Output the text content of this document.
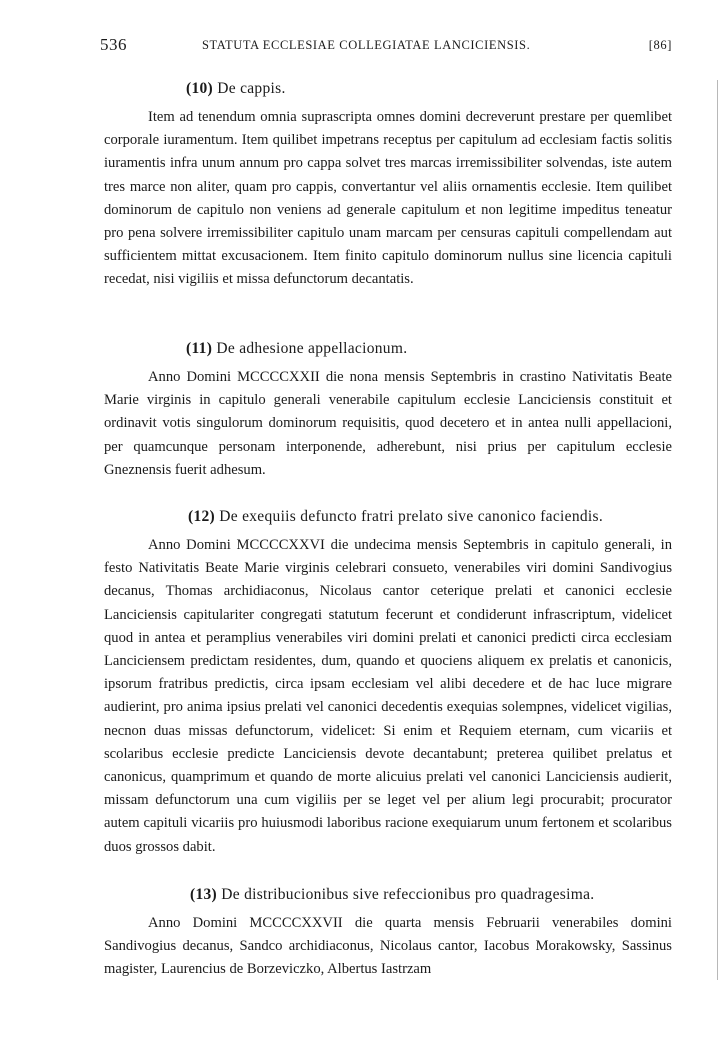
536	STATUTA ECCLESIAE COLLEGIATAE LANCICIENSIS.	[86]
(10) De cappis.

Item ad tenendum omnia suprascripta omnes domini decreverunt prestare per quemlibet corporale iuramentum. Item quilibet impetrans receptus per capitulum ad ecclesiam factis solitis iuramentis infra unum annum pro cappa solvet tres marcas irremissibiliter solvendas, iste autem tres marce non aliter, quam pro cappis, convertantur vel aliis ornamentis ecclesie. Item quilibet dominorum de capitulo non veniens ad generale capitulum et non legitime impeditus teneatur pro pena solvere irremissibiliter capitulo unam marcam per censuras capituli compellendam aut sufficientem mittat excusacionem. Item finito capitulo dominorum nullus sine licencia capituli recedat, nisi vigiliis et missa defunctorum decantatis.

(11) De adhesione appellacionum.

Anno Domini MCCCCXXII die nona mensis Septembris in crastino Nativitatis Beate Marie virginis in capitulo generali venerabile capitulum ecclesie Lanciciensis constituit et ordinavit votis singulorum dominorum requisitis, quod decetero et in antea nulli appellacioni, per quamcunque personam interponende, adherebunt, nisi prius per capitulum ecclesie Gneznensis fuerit adhesum.

(12) De exequiis defuncto fratri prelato sive canonico faciendis.

Anno Domini MCCCCXXVI die undecima mensis Septembris in capitulo generali, in festo Nativitatis Beate Marie virginis celebrari consueto, venerabiles viri domini Sandivogius decanus, Thomas archidiaconus, Nicolaus cantor ceterique prelati et canonici ecclesie Lanciciensis capitulariter congregati statutum fecerunt et condiderunt infrascriptum, videlicet quod in antea et peramplius venerabiles viri domini prelati et canonici predicti circa ecclesiam Lanciciensem predictam residentes, dum, quando et quociens aliquem ex prelatis et canonicis, ipsorum fratribus predictis, circa ipsam ecclesiam vel alibi decedere et de hac luce migrare audierint, pro anima ipsius prelati vel canonici decedentis exequias solempnes, videlicet vigilias, necnon duas missas defunctorum, videlicet: Si enim et Requiem eternam, cum vicariis et scolaribus ecclesie predicte Lanciciensis devote decantabunt; preterea quilibet prelatus et canonicus, quamprimum et quando de morte alicuius prelati vel canonici Lanciciensis audierit, missam defunctorum una cum vigiliis per se leget vel per alium legi procurabit; procurator autem capituli vicariis pro huiusmodi laboribus racione exequiarum unum fertonem et scolaribus duos grossos dabit.

(13) De distribucionibus sive refeccionibus pro quadragesima.

Anno Domini MCCCCXXVII die quarta mensis Februarii venerabiles domini Sandivogius decanus, Sandco archidiaconus, Nicolaus cantor, Iacobus Morakowsky, Sassinus magister, Laurencius de Borzeviczko, Albertus Iastrzam
